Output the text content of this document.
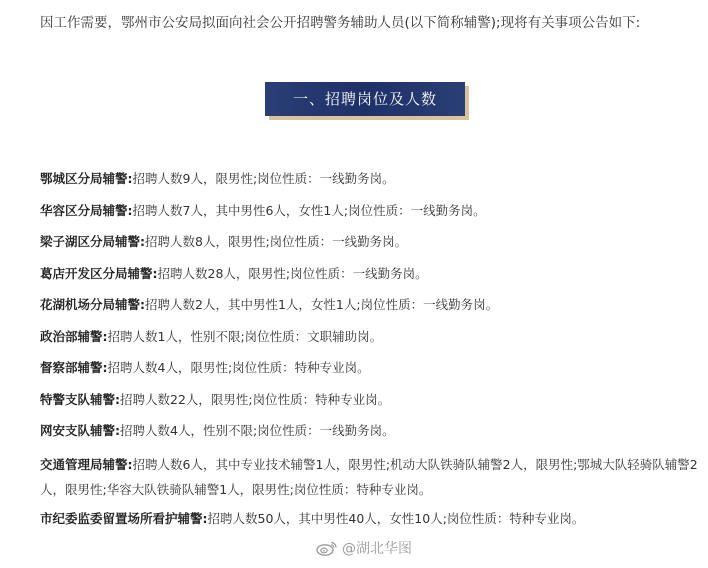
因工作需要，鄂州市公安局拟面向社会公开招聘警务辅助人员(以下简称辅警);现将有关事项公告如下:
一、招聘岗位及人数
鄂城区分局辅警:招聘人数9人，限男性;岗位性质：一线勤务岗。
华容区分局辅警:招聘人数7人，其中男性6人，女性1人;岗位性质：一线勤务岗。
梁子湖区分局辅警:招聘人数8人，限男性;岗位性质：一线勤务岗。
葛店开发区分局辅警:招聘人数28人，限男性;岗位性质：一线勤务岗。
花湖机场分局辅警:招聘人数2人，其中男性1人，女性1人;岗位性质：一线勤务岗。
政治部辅警:招聘人数1人，性别不限;岗位性质：文职辅助岗。
督察部辅警:招聘人数4人，限男性;岗位性质：特种专业岗。
特警支队辅警:招聘人数22人，限男性;岗位性质：特种专业岗。
网安支队辅警:招聘人数4人，性别不限;岗位性质：一线勤务岗。
交通管理局辅警:招聘人数6人，其中专业技术辅警1人，限男性;机动大队铁骑队辅警2人，限男性;鄂城大队轻骑队辅警2人，限男性;华容大队铁骑队辅警1人，限男性;岗位性质：特种专业岗。
市纪委监委留置场所看护辅警:招聘人数50人，其中男性40人，女性10人;岗位性质：特种专业岗。
@湖北华图
